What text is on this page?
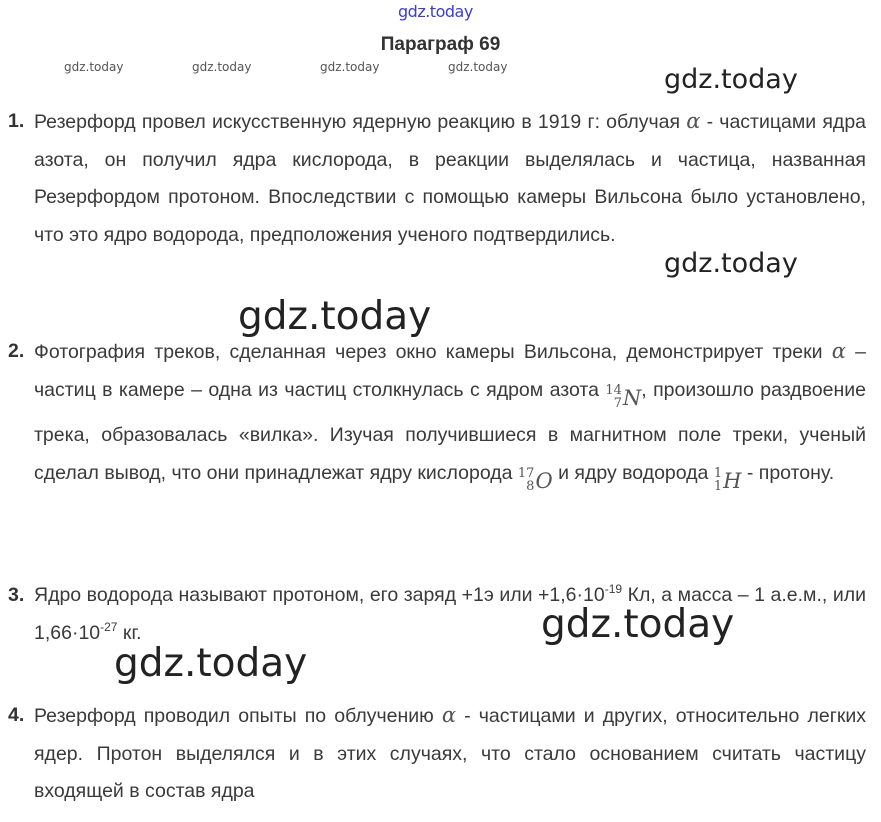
gdz.today
gdz.today	gdz.today	gdz.today	gdz.today	gdz.today
gdz.today
gdz.today
gdz.today
gdz.today
Параграф 69
1. Резерфорд провел искусственную ядерную реакцию в 1919 г: облучая α - частицами ядра азота, он получил ядра кислорода, в реакции выделялась и частица, названная Резерфордом протоном. Впоследствии с помощью камеры Вильсона было установлено, что это ядро водорода, предположения ученого подтвердились.
2. Фотография треков, сделанная через окно камеры Вильсона, демонстрирует треки α – частиц в камере – одна из частиц столкнулась с ядром азота 14
7 N , произошло раздвоение трека, образовалась «вилка». Изучая получившиеся в магнитном поле треки, ученый сделал вывод, что они принадлежат ядру кислорода 17
8 O и ядру водорода 1
1 H - протону.
3. Ядро водорода называют протоном, его заряд +1э или $+1,6\cdot 10^{-19}$ Кл, а масса – 1 а.е.м., или $1,66\cdot 10^{-27}$ кг.
4. Резерфорд проводил опыты по облучению α - частицами и других, относительно легких ядер. Протон выделялся и в этих случаях, что стало основанием считать частицу входящей в состав ядра
